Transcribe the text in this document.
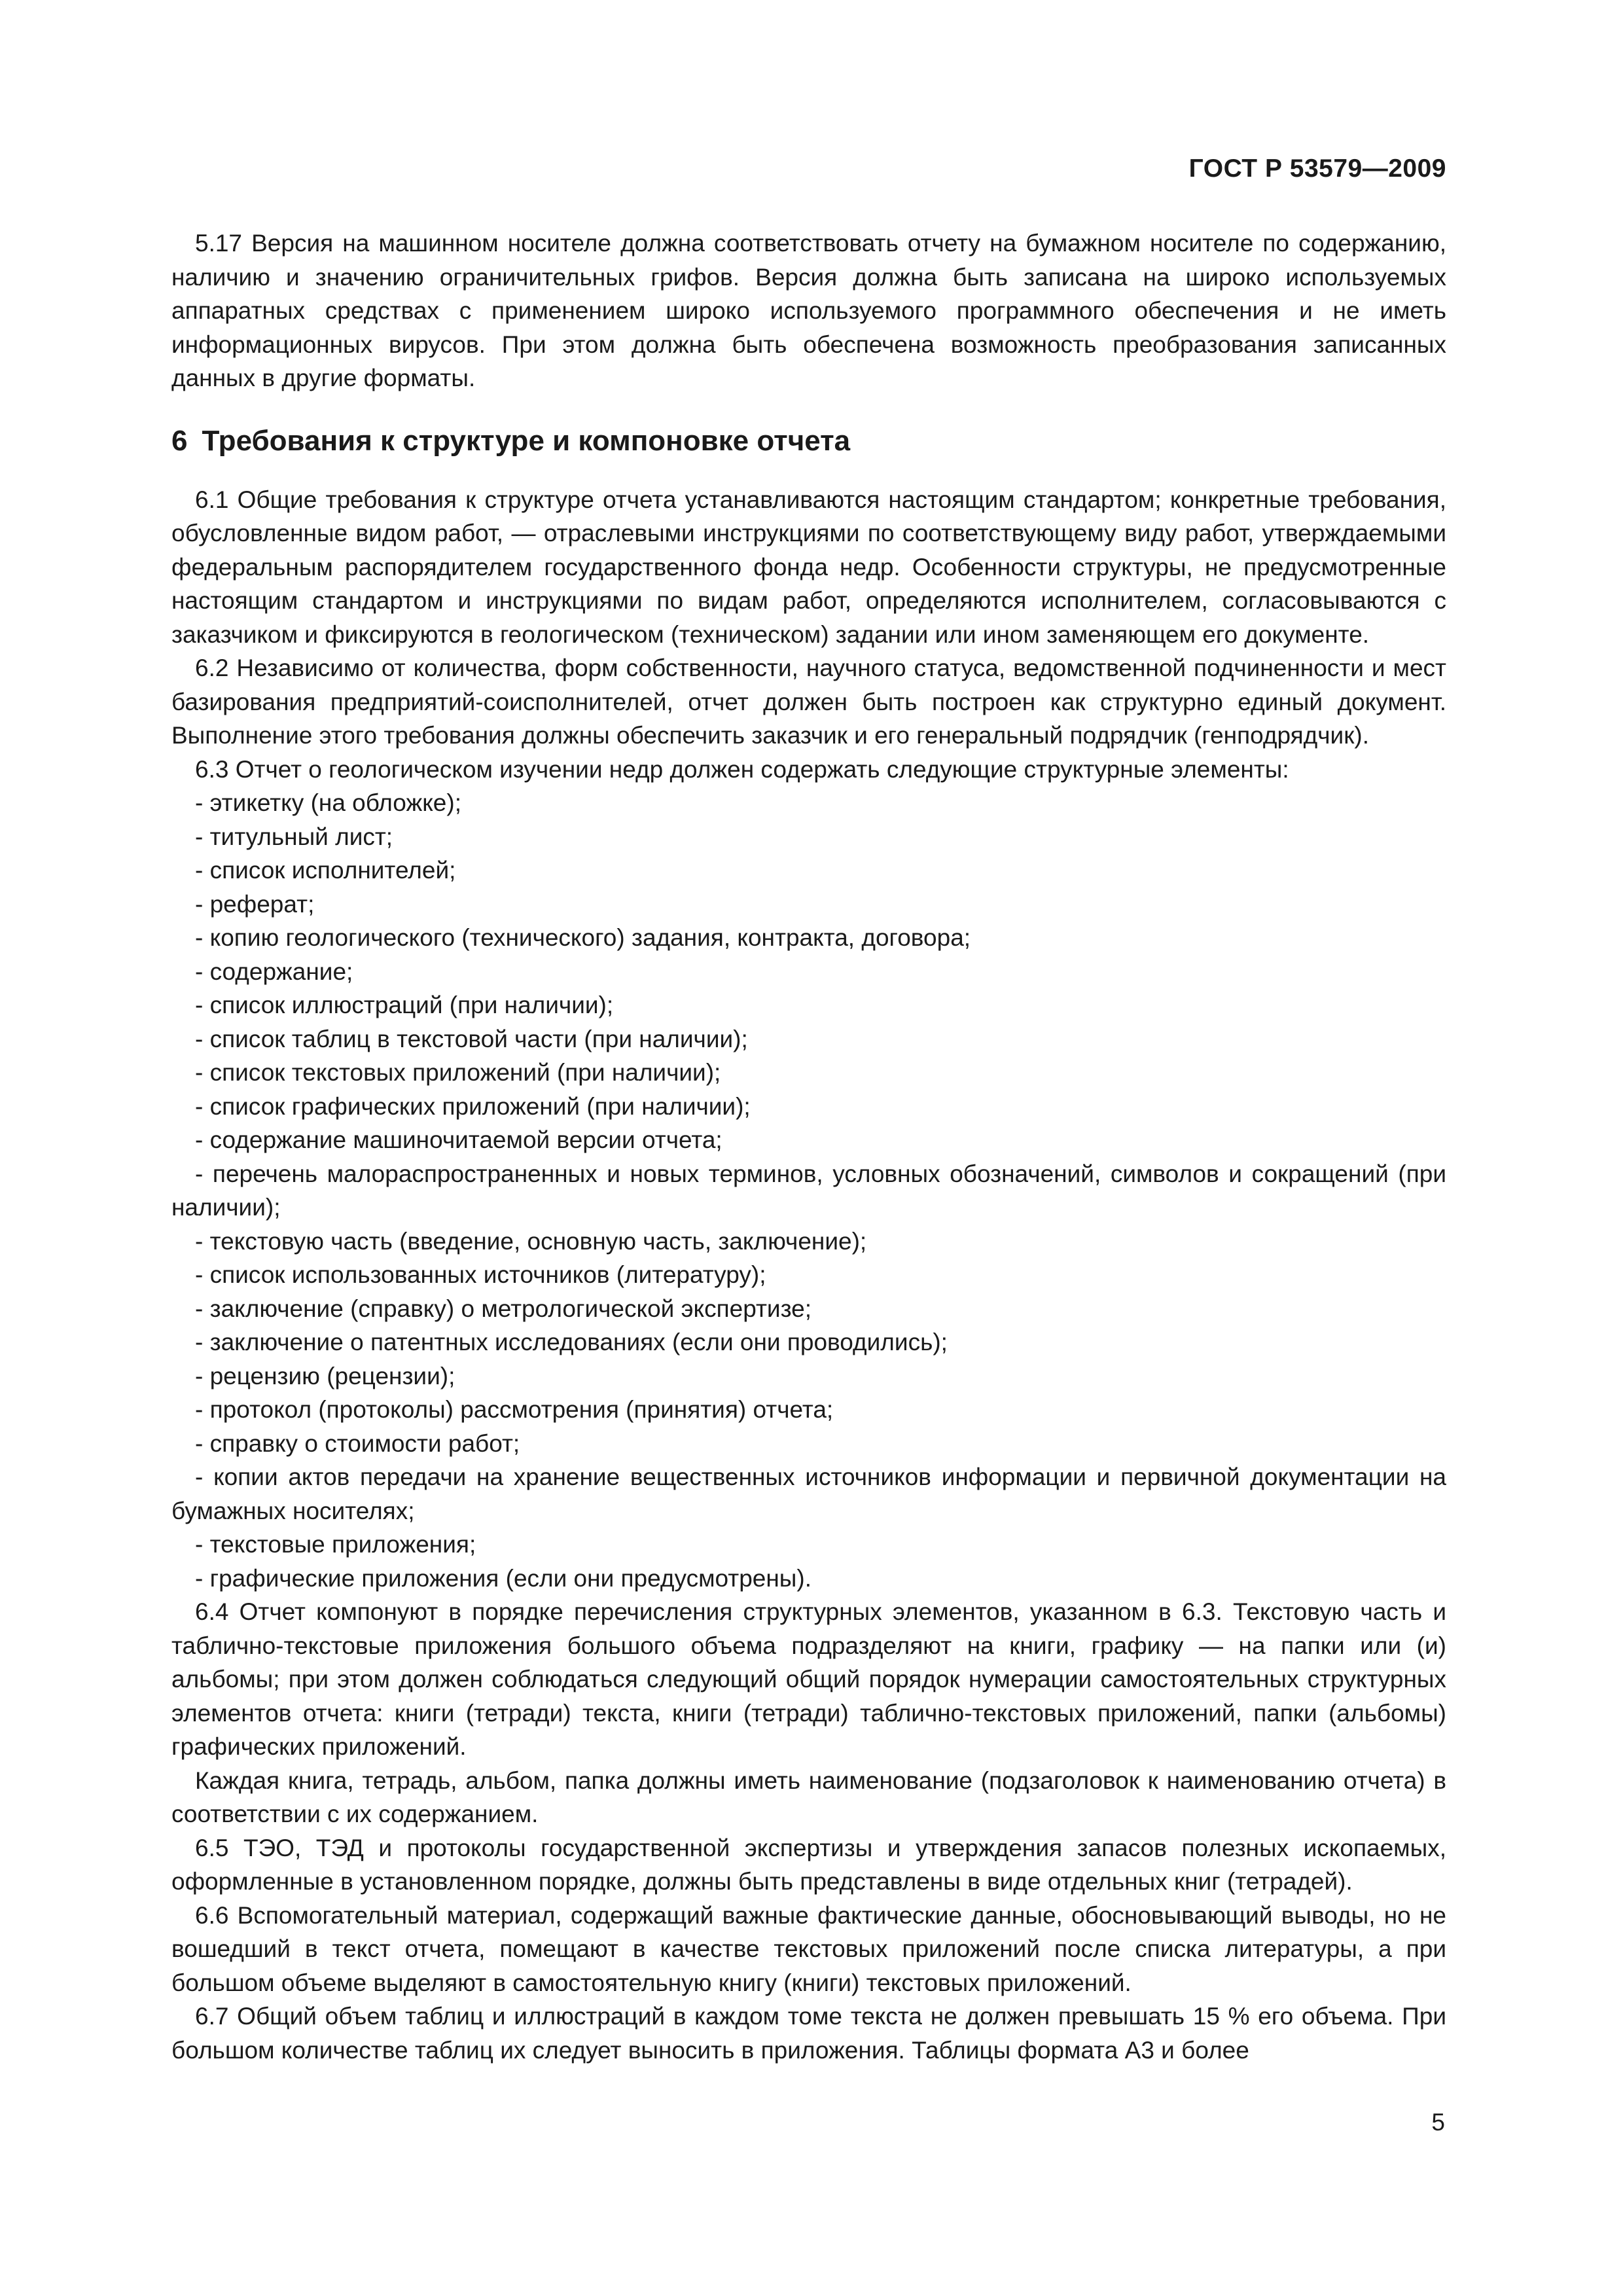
ГОСТ Р 53579—2009

5.17 Версия на машинном носителе должна соответствовать отчету на бумажном носителе по содержанию, наличию и значению ограничительных грифов. Версия должна быть записана на широко используемых аппаратных средствах с применением широко используемого программного обеспечения и не иметь информационных вирусов. При этом должна быть обеспечена возможность преобразования записанных данных в другие форматы.

6 Требования к структуре и компоновке отчета

6.1 Общие требования к структуре отчета устанавливаются настоящим стандартом; конкретные требования, обусловленные видом работ, — отраслевыми инструкциями по соответствующему виду работ, утверждаемыми федеральным распорядителем государственного фонда недр. Особенности структуры, не предусмотренные настоящим стандартом и инструкциями по видам работ, определяются исполнителем, согласовываются с заказчиком и фиксируются в геологическом (техническом) задании или ином заменяющем его документе.

6.2 Независимо от количества, форм собственности, научного статуса, ведомственной подчиненности и мест базирования предприятий-соисполнителей, отчет должен быть построен как структурно единый документ. Выполнение этого требования должны обеспечить заказчик и его генеральный подрядчик (генподрядчик).

6.3 Отчет о геологическом изучении недр должен содержать следующие структурные элементы:

- этикетку (на обложке);
- титульный лист;
- список исполнителей;
- реферат;
- копию геологического (технического) задания, контракта, договора;
- содержание;
- список иллюстраций (при наличии);
- список таблиц в текстовой части (при наличии);
- список текстовых приложений (при наличии);
- список графических приложений (при наличии);
- содержание машиночитаемой версии отчета;
- перечень малораспространенных и новых терминов, условных обозначений, символов и сокращений (при наличии);
- текстовую часть (введение, основную часть, заключение);
- список использованных источников (литературу);
- заключение (справку) о метрологической экспертизе;
- заключение о патентных исследованиях (если они проводились);
- рецензию (рецензии);
- протокол (протоколы) рассмотрения (принятия) отчета;
- справку о стоимости работ;
- копии актов передачи на хранение вещественных источников информации и первичной документации на бумажных носителях;
- текстовые приложения;
- графические приложения (если они предусмотрены).

6.4 Отчет компонуют в порядке перечисления структурных элементов, указанном в 6.3. Текстовую часть и таблично-текстовые приложения большого объема подразделяют на книги, графику — на папки или (и) альбомы; при этом должен соблюдаться следующий общий порядок нумерации самостоятельных структурных элементов отчета: книги (тетради) текста, книги (тетради) таблично-текстовых приложений, папки (альбомы) графических приложений.

Каждая книга, тетрадь, альбом, папка должны иметь наименование (подзаголовок к наименованию отчета) в соответствии с их содержанием.

6.5 ТЭО, ТЭД и протоколы государственной экспертизы и утверждения запасов полезных ископаемых, оформленные в установленном порядке, должны быть представлены в виде отдельных книг (тетрадей).

6.6 Вспомогательный материал, содержащий важные фактические данные, обосновывающий выводы, но не вошедший в текст отчета, помещают в качестве текстовых приложений после списка литературы, а при большом объеме выделяют в самостоятельную книгу (книги) текстовых приложений.

6.7 Общий объем таблиц и иллюстраций в каждом томе текста не должен превышать 15 % его объема. При большом количестве таблиц их следует выносить в приложения. Таблицы формата А3 и более

5
